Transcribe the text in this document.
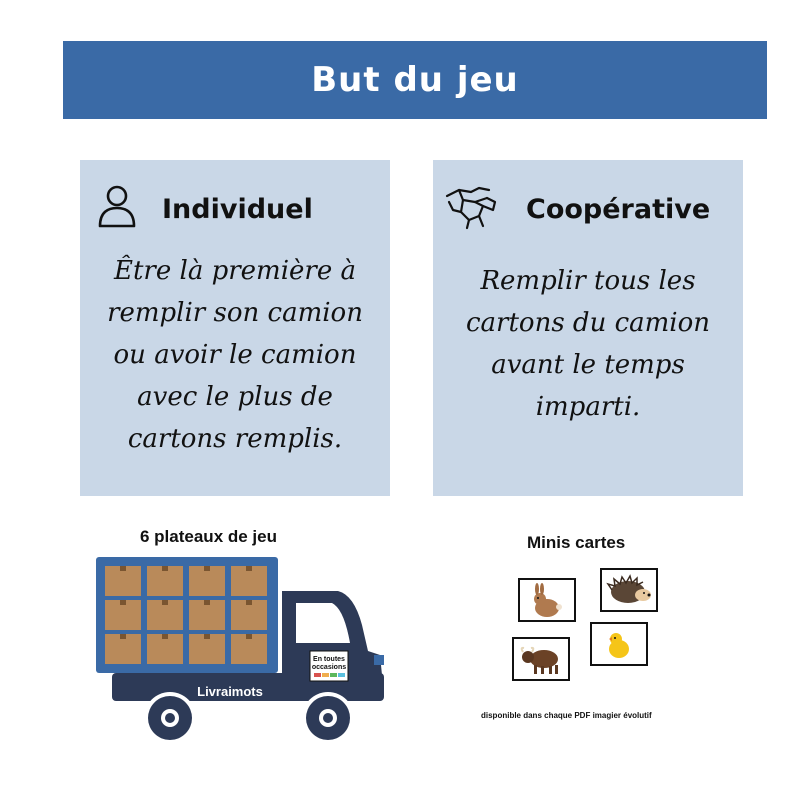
But du jeu
Individuel
Être là première à remplir son camion ou avoir le camion avec le plus de cartons remplis.
Coopérative
Remplir tous les cartons du camion avant le temps imparti.
6 plateaux de jeu
En toutes
occasions
Livraimots
Minis cartes
disponible dans chaque PDF imagier évolutif
